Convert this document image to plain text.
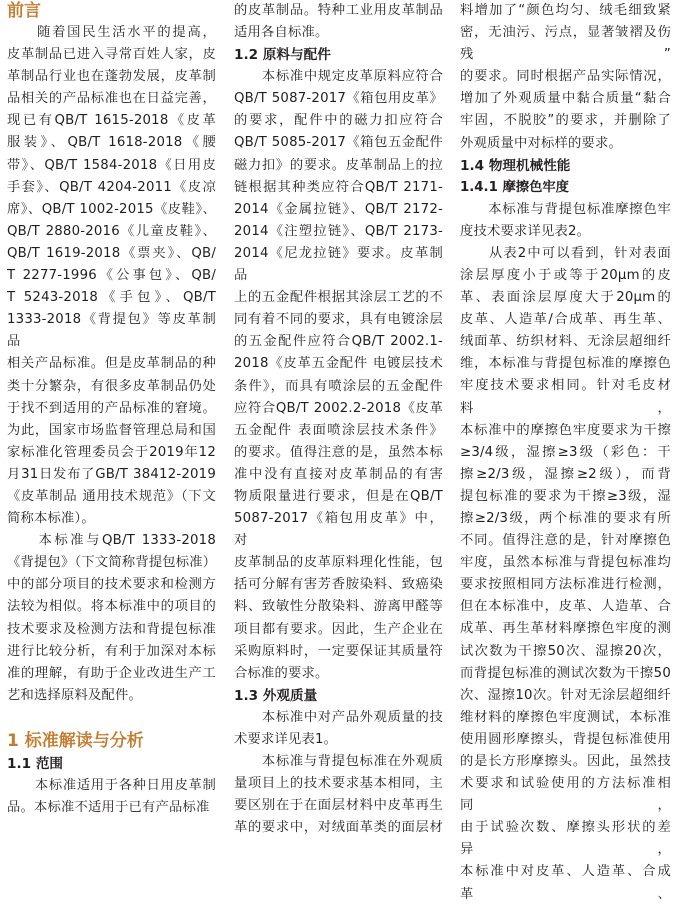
前言

　　随着国民生活水平的提高，

皮革制品已进入寻常百姓人家，皮

革制品行业也在蓬勃发展，皮革制

品相关的产品标准也在日益完善，

现已有QB/T 1615-2018《皮革

服装》、QB/T 1618-2018《腰

带》、QB/T 1584-2018《日用皮

手套》、QB/T 4204-2011《皮凉

席》、QB/T 1002-2015《皮鞋》、

QB/T 2880-2016《儿童皮鞋》、

QB/T 1619-2018《票夹》、QB/

T 2277-1996《公事包》、QB/

T 5243-2018《手包》、QB/T

1333-2018《背提包》等皮革制品

相关产品标准。但是皮革制品的种

类十分繁杂，有很多皮革制品仍处

于找不到适用的产品标准的窘境。

为此，国家市场监督管理总局和国

家标准化管理委员会于2019年12

月31日发布了GB/T 38412-2019

《皮革制品 通用技术规范》（下文

简称本标准）。

　　本标准与QB/T 1333-2018

《背提包》（下文简称背提包标准）

中的部分项目的技术要求和检测方

法较为相似。将本标准中的项目的

技术要求及检测方法和背提包标准

进行比较分析，有利于加深对本标

准的理解，有助于企业改进生产工

艺和选择原料及配件。

1 标准解读与分析
1.1 范围

　　本标准适用于各种日用皮革制

品。本标准不适用于已有产品标准

的皮革制品。特种工业用皮革制品

适用各自标准。

1.2 原料与配件

　　本标准中规定皮革原料应符合

QB/T 5087-2017《箱包用皮革》

的要求，配件中的磁力扣应符合

QB/T 5085-2017《箱包五金配件

磁力扣》的要求。皮革制品上的拉

链根据其种类应符合QB/T 2171-

2014《金属拉链》、QB/T 2172-

2014《注塑拉链》、QB/T 2173-

2014《尼龙拉链》要求。皮革制品

上的五金配件根据其涂层工艺的不

同有着不同的要求，具有电镀涂层

的五金配件应符合QB/T 2002.1-

2018《皮革五金配件 电镀层技术

条件》，而具有喷涂层的五金配件

应符合QB/T 2002.2-2018《皮革

五金配件 表面喷涂层技术条件》

的要求。值得注意的是，虽然本标

准中没有直接对皮革制品的有害

物质限量进行要求，但是在QB/T

5087-2017《箱包用皮革》中，对

皮革制品的皮革原料理化性能，包

括可分解有害芳香胺染料、致癌染

料、致敏性分散染料、游离甲醛等

项目都有要求。因此，生产企业在

采购原料时，一定要保证其质量符

合标准的要求。

1.3 外观质量

　　本标准中对产品外观质量的技

术要求详见表1。

　　本标准与背提包标准在外观质

量项目上的技术要求基本相同，主

要区别在于在面层材料中皮革再生

革的要求中，对绒面革类的面层材

料增加了“颜色均匀、绒毛细致紧

密，无油污、污点，显著皱褶及伤残”

的要求。同时根据产品实际情况，

增加了外观质量中黏合质量“黏合

牢固，不脱胶”的要求，并删除了

外观质量中对标样的要求。

1.4 物理机械性能
1.4.1 摩擦色牢度

　　本标准与背提包标准摩擦色牢

度技术要求详见表2。

　　从表2中可以看到，针对表面

涂层厚度小于或等于20μm的皮

革、表面涂层厚度大于20μm的

皮革、人造革/合成革、再生革、

绒面革、纺织材料、无涂层超细纤

维，本标准与背提包标准的摩擦色

牢度技术要求相同。针对毛皮材料，

本标准中的摩擦色牢度要求为干擦

≥3/4级，湿擦≥3级（彩色：干

擦≥2/3级，湿擦≥2级），而背

提包标准的要求为干擦≥3级，湿

擦≥2/3级，两个标准的要求有所

不同。值得注意的是，针对摩擦色

牢度，虽然本标准与背提包标准均

要求按照相同方法标准进行检测，

但在本标准中，皮革、人造革、合

成革、再生革材料摩擦色牢度的测

试次数为干擦50次、湿擦20次，

而背提包标准的测试次数为干擦50

次、湿擦10次。针对无涂层超细纤

维材料的摩擦色牢度测试，本标准

使用圆形摩擦头，背提包标准使用

的是长方形摩擦头。因此，虽然技

术要求和试验使用的方法标准相同，

由于试验次数、摩擦头形状的差异，

本标准中对皮革、人造革、合成革、
